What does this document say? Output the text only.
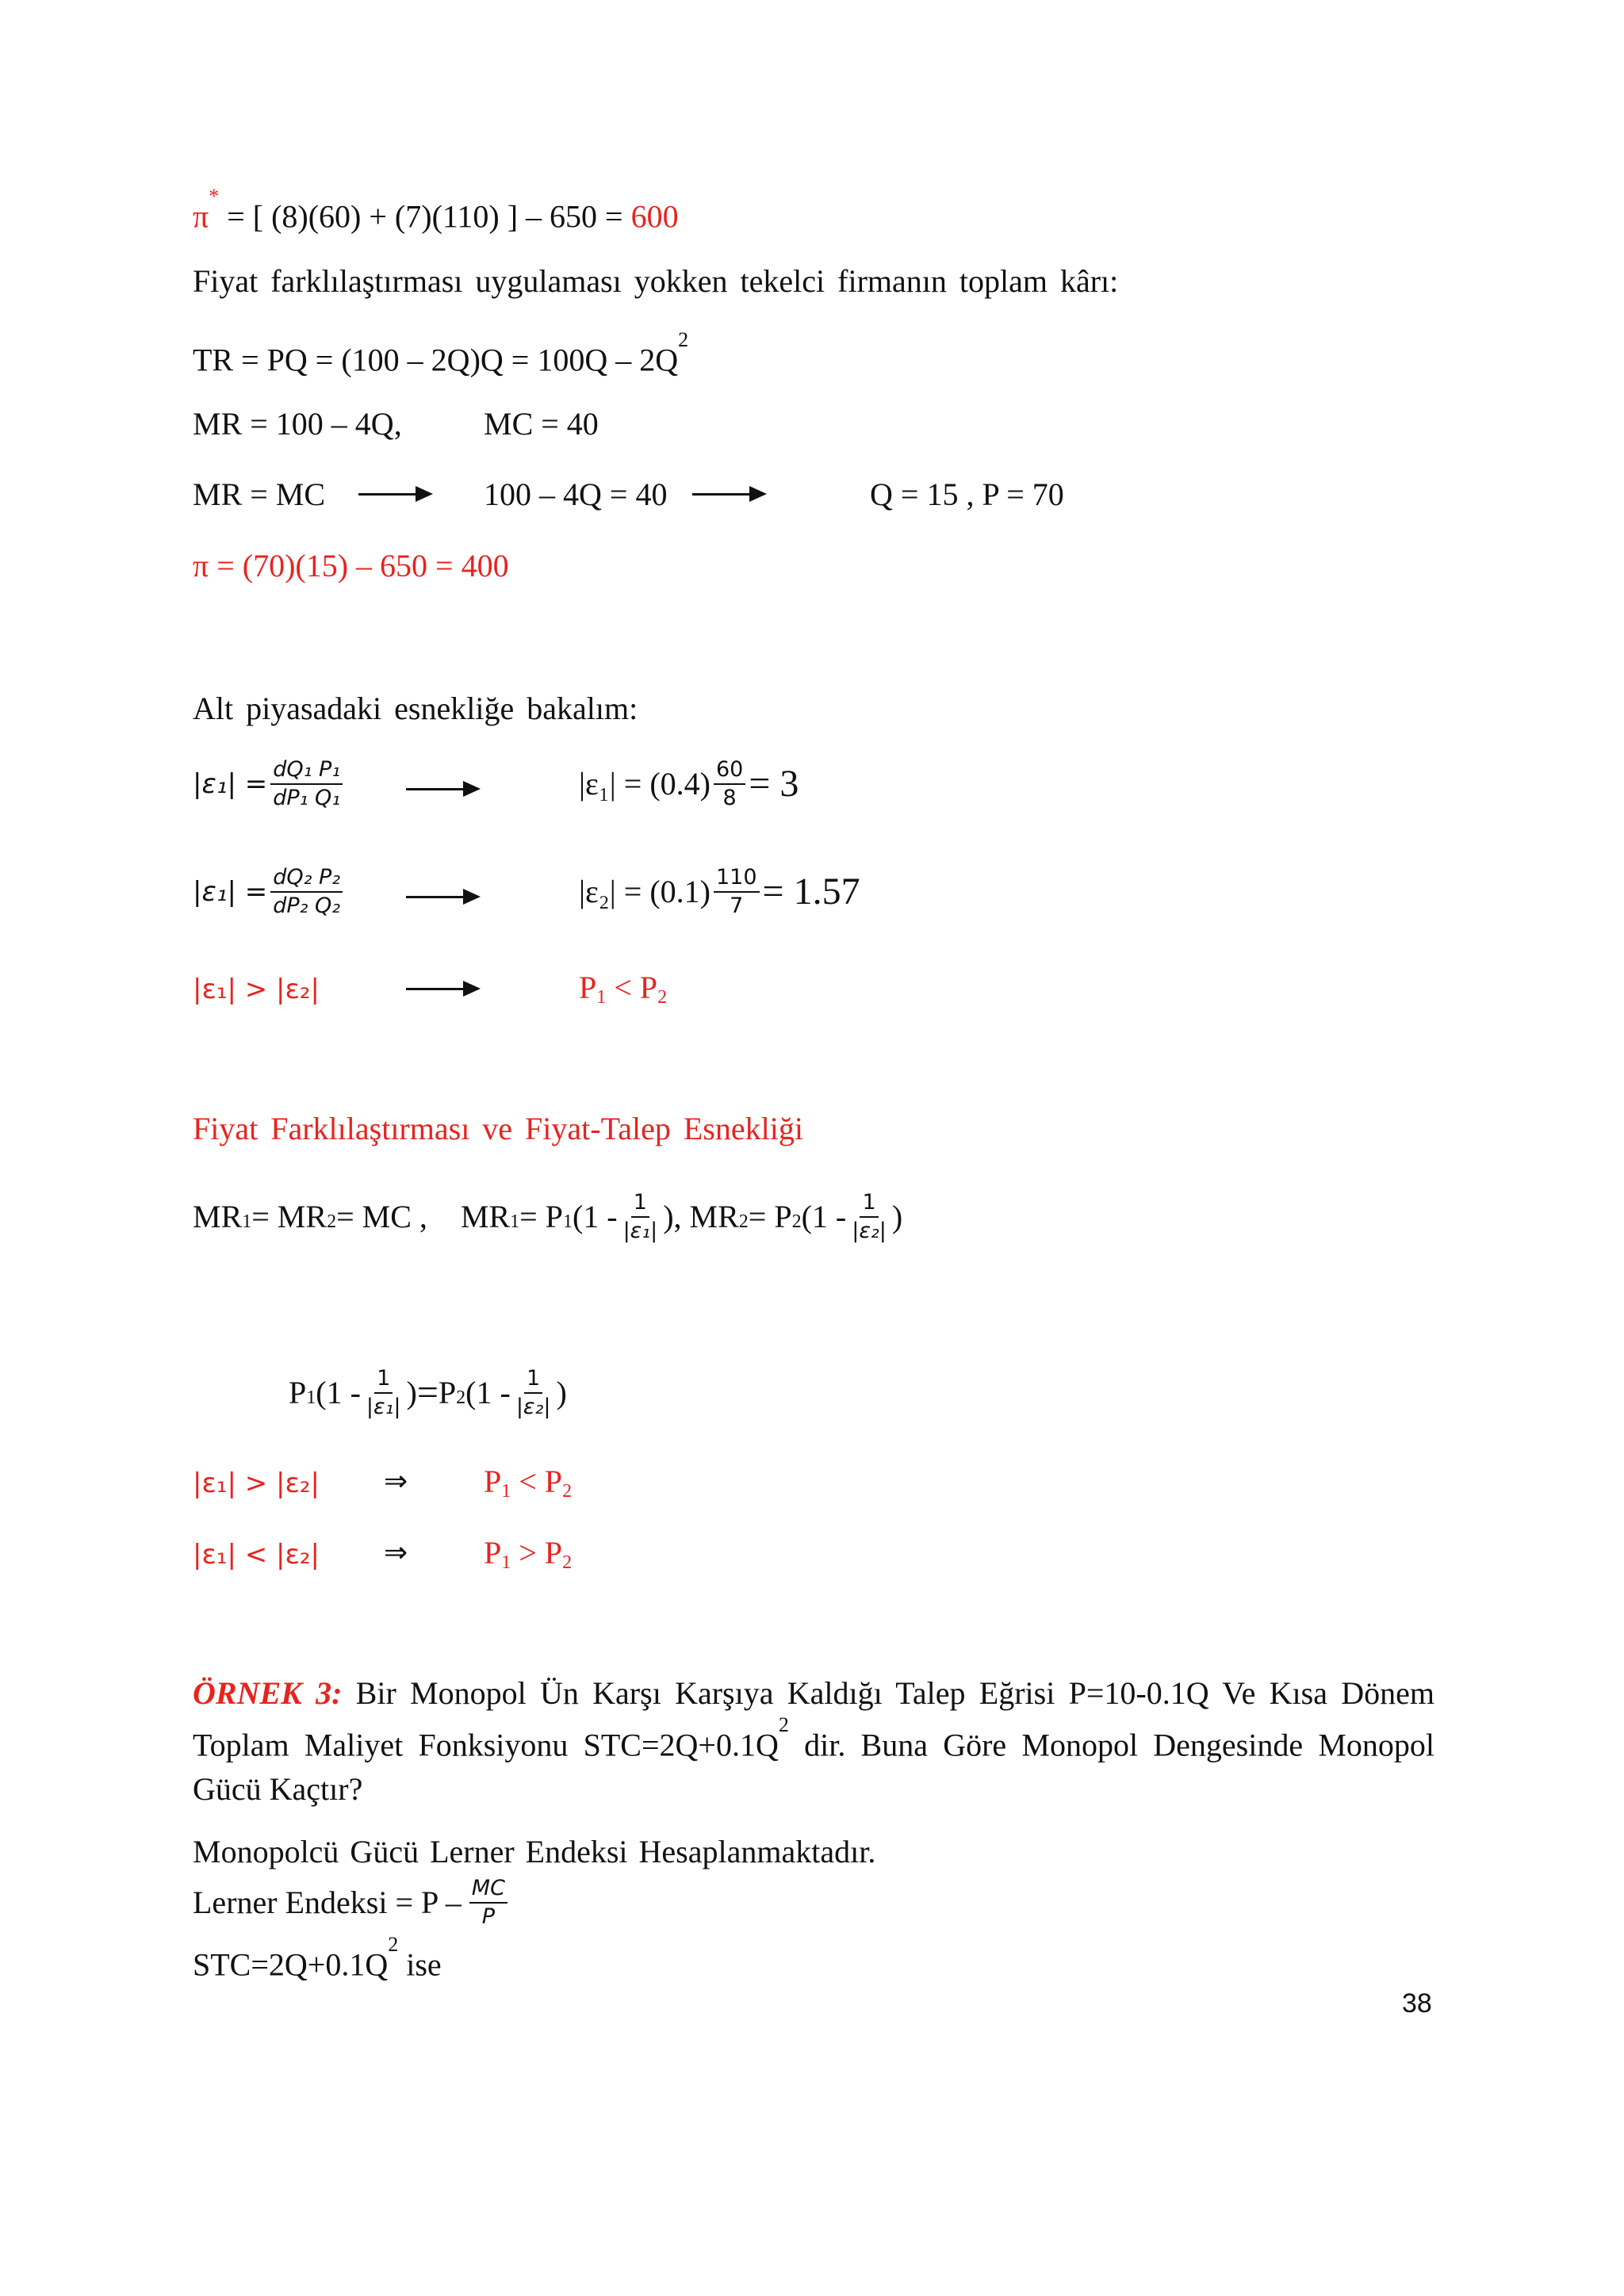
π* = [ (8)(60) + (7)(110) ] – 650 = 600
Fiyat farklılaştırması uygulaması yokken tekelci firmanın toplam kârı:
TR = PQ = $(100 - 2Q)Q = 100Q - 2Q^2$
MR = 100 – 4Q,	MC = 40
MR = MC	100 – 4Q = 40	Q = 15 , P = 70
π = (70)(15) – 650 = 400
Alt piyasadaki esnekliğe bakalım:
$|\varepsilon_1| = \frac{\text{dQ₁ P₁}}{\text{dP₁ Q₁}}$	$|\varepsilon_1| = (0.4) \frac{60}{8} = 3$
$|\varepsilon_1| = \frac{\text{dQ₂ P₂}}{\text{dP₂ Q₂}}$	$|\varepsilon_2| = (0.1) \frac{110}{7} = 1.57$
|ε₁| > |ε₂|	P1 < P2
Fiyat Farklılaştırması ve Fiyat-Talep Esnekliği
MR 1 = MR 2 = MC , MR 1 = P 1 ($1 - \frac{1}{\text{|ε₁|}}$ ) , MR 2 = P 2 ($1 - \frac{1}{\text{|ε₂|}}$ )
P 1 ($1 - \frac{1}{\text{|ε₁|}}$ ) = P 2 ($1 - \frac{1}{\text{|ε₂|}}$ )
|ε₁| > |ε₂| ⇒ P1 < P2
|ε₁| < |ε₂| ⇒ P1 > P2
ÖRNEK 3: Bir Monopol Ün Karşı Karşıya Kaldığı Talep Eğrisi P=10-0.1Q Ve Kısa Dönem Toplam Maliyet Fonksiyonu $STC=2Q+0.1Q^2$ dir. Buna Göre Monopol Dengesinde Monopol Gücü Kaçtır?
Monopolcü Gücü Lerner Endeksi Hesaplanmaktadır.
Lerner Endeksi = P – $\frac{MC}{P}$
$STC=2Q+0.1Q^2$ ise
38
